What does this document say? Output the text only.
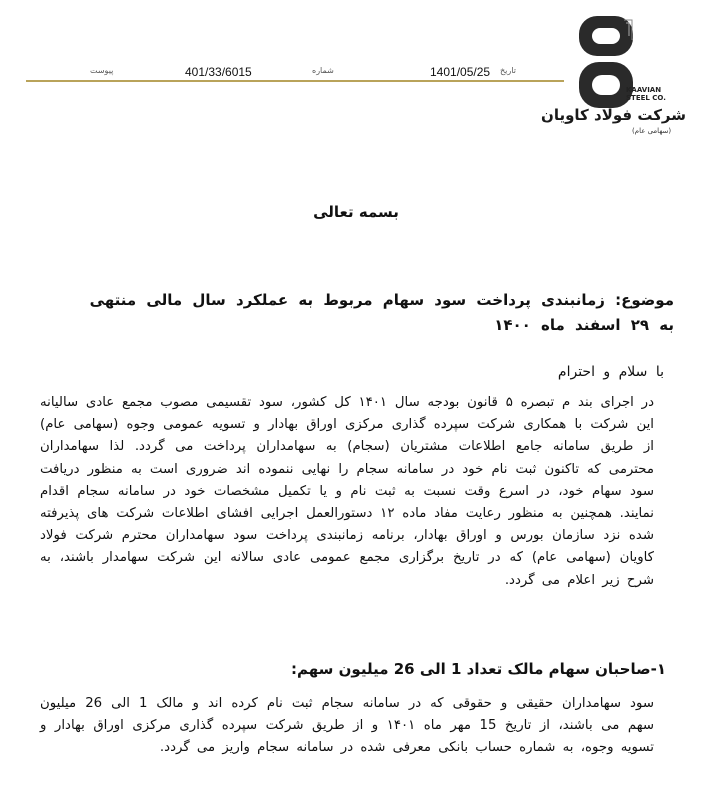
KAAVIAN
STEEL CO.
شرکت فولاد کاویان
(سهامی عام)
تاریخ
1401/05/25
شماره
401/33/6015
پیوست
بسمه تعالی
موضوع: زمانبندی پرداخت سود سهام مربوط به عملکرد سال مالی منتهی به ۲۹ اسفند ماه ۱۴۰۰
با سلام و احترام
در اجرای بند م تبصره ۵ قانون بودجه سال ۱۴۰۱ کل کشور، سود تقسیمی مصوب مجمع عادی سالیانه این شرکت با همکاری شرکت سپرده گذاری مرکزی اوراق بهادار و تسویه عمومی وجوه (سهامی عام) از طریق سامانه جامع اطلاعات مشتریان (سجام) به سهامداران پرداخت می گردد. لذا سهامداران محترمی که تاکنون ثبت نام خود در سامانه سجام را نهایی ننموده اند ضروری است به منظور دریافت سود سهام خود، در اسرع وقت نسبت به ثبت نام و یا تکمیل مشخصات خود در سامانه سجام اقدام نمایند. همچنین به منظور رعایت مفاد ماده ۱۲ دستورالعمل اجرایی افشای اطلاعات شرکت های پذیرفته شده نزد سازمان بورس و اوراق بهادار، برنامه زمانبندی پرداخت سود سهامداران محترم شرکت فولاد کاویان (سهامی عام) که در تاریخ برگزاری مجمع عمومی عادی سالانه این شرکت سهامدار باشند، به شرح زیر اعلام می گردد.
۱-صاحبان سهام مالک تعداد 1 الی 26 میلیون سهم:
سود سهامداران حقیقی و حقوقی که در سامانه سجام ثبت نام کرده اند و مالک 1 الی 26 میلیون سهم می باشند، از تاریخ 15 مهر ماه ۱۴۰۱ و از طریق شرکت سپرده گذاری مرکزی اوراق بهادار و تسویه وجوه، به شماره حساب بانکی معرفی شده در سامانه سجام واریز می گردد.
